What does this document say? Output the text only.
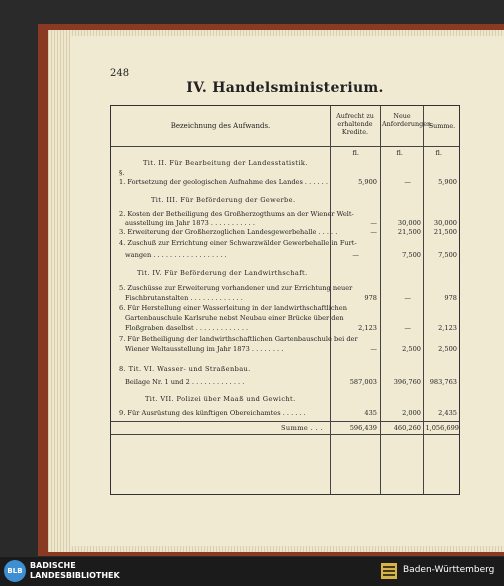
248
IV. Handelsministerium.
Bezeichnung des Aufwands.
Aufrecht zu erhaltende Kredite.
Neue Anforderungen.
Summe.
fl.	fl.	fl.
Tit. II. Für Bearbeitung der Landesstatistik.
§.
1. Fortsetzung der geologischen Aufnahme des Landes . . . . . .	5,900	—	5,900
Tit. III. Für Beförderung der Gewerbe.
2. Kosten der Betheiligung des Großherzogthums an der Wiener Welt-
ausstellung im Jahr 1873 . . . . . . . . . . .	—	30,000	30,000
3. Erweiterung der Großherzoglichen Landesgewerbehalle . . . . .	—	21,500	21,500
4. Zuschuß zur Errichtung einer Schwarzwälder Gewerbehalle in Furt-
wangen . . . . . . . . . . . . . . . . . .	—	7,500	7,500
Tit. IV. Für Beförderung der Landwirthschaft.
5. Zuschüsse zur Erweiterung vorhandener und zur Errichtung neuer
Fischbrutanstalten . . . . . . . . . . . . .	978	—	978
6. Für Herstellung einer Wasserleitung in der landwirthschaftlichen
Gartenbauschule Karlsruhe nebst Neubau einer Brücke über den
Floßgraben daselbst . . . . . . . . . . . . .	2,123	—	2,123
7. Für Betheiligung der landwirthschaftlichen Gartenbauschule bei der
Wiener Weltausstellung im Jahr 1873 . . . . . . . .	—	2,500	2,500
8. Tit. VI. Wasser- und Straßenbau.
Beilage Nr. 1 und 2 . . . . . . . . . . . . .	587,003	396,760	983,763
Tit. VII. Polizei über Maaß und Gewicht.
9. Für Ausrüstung des künftigen Obereichamtes . . . . . .	435	2,000	2,435
Summe . . .	596,439	460,260 1,056,699
BLB
BADISCHE
LANDESBIBLIOTHEK
Baden-Württemberg
